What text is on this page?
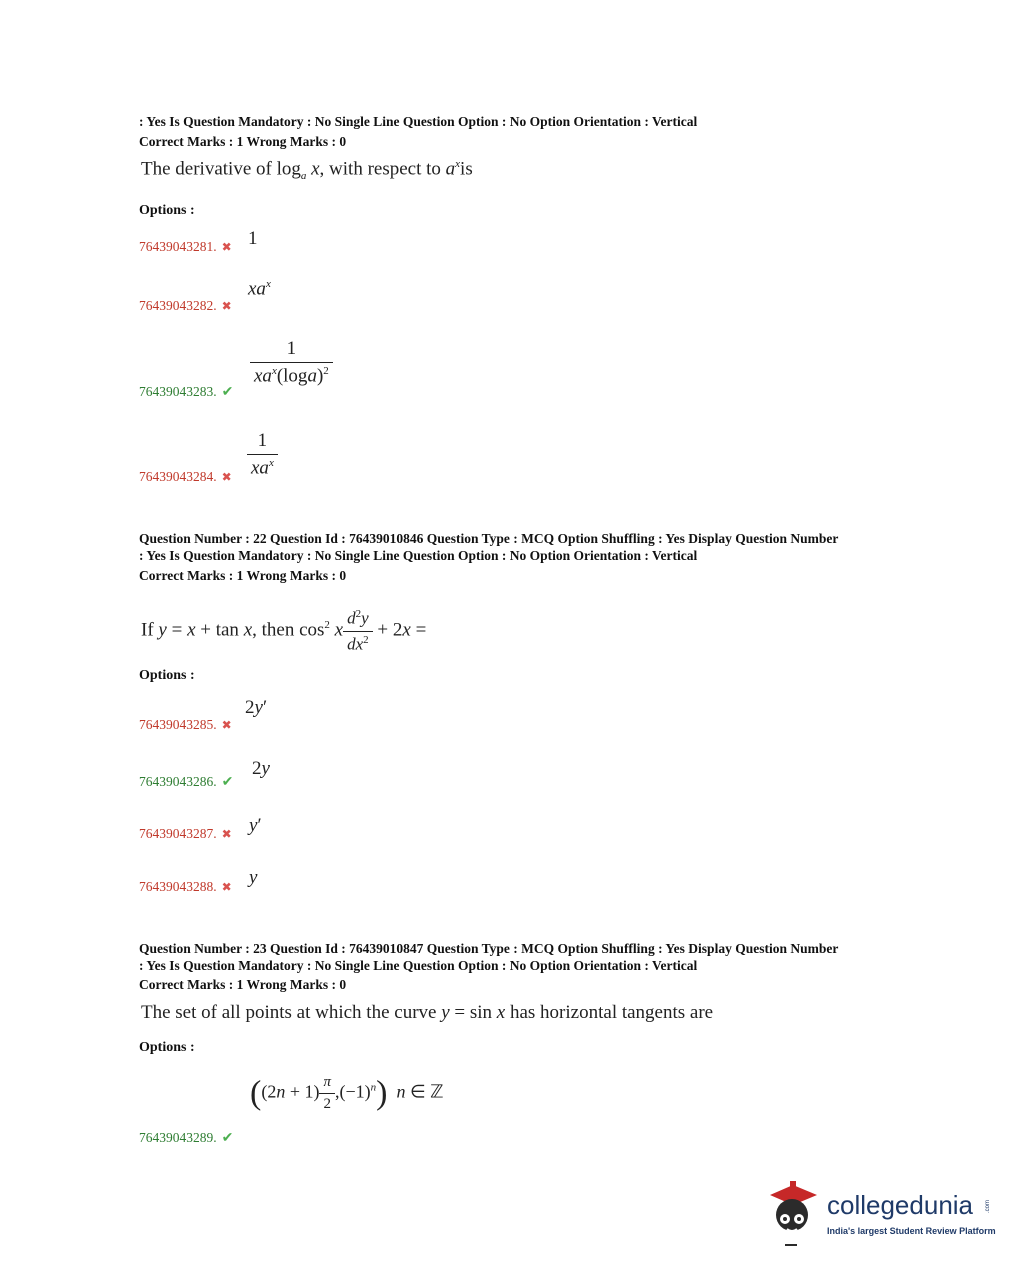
: Yes Is Question Mandatory : No Single Line Question Option : No Option Orientation : Vertical
Correct Marks : 1 Wrong Marks : 0
The derivative of $\log_a x$, with respect to $a^xis$
Options :
76439043281. ✖ 1
76439043282. ✖
$xa^x$
76439043283. ✔
$\frac{1}{xa^x(\log a)^2}$
76439043284. ✖ $\frac{1}{xa^x}$
Question Number : 22 Question Id : 76439010846 Question Type : MCQ Option Shuffling : Yes Display Question Number
: Yes Is Question Mandatory : No Single Line Question Option : No Option Orientation : Vertical
Correct Marks : 1 Wrong Marks : 0
If y = x + tan x, then $\cos^2 x \frac{d^2y}{dx^2} + 2x$ =
Options :
76439043285. ✖
2y′
76439043286. ✔
2y
76439043287. ✖ y′
76439043288. ✖ y
Question Number : 23 Question Id : 76439010847 Question Type : MCQ Option Shuffling : Yes Display Question Number
: Yes Is Question Mandatory : No Single Line Question Option : No Option Orientation : Vertical
Correct Marks : 1 Wrong Marks : 0
The set of all points at which the curve y = sin x has horizontal tangents are
Options :
76439043289. ✔
$((2n + 1) \frac{\pi}{2} ,(-1)^n)$ n ∈ ℤ
collegedunia .com
India's largest Student Review Platform
